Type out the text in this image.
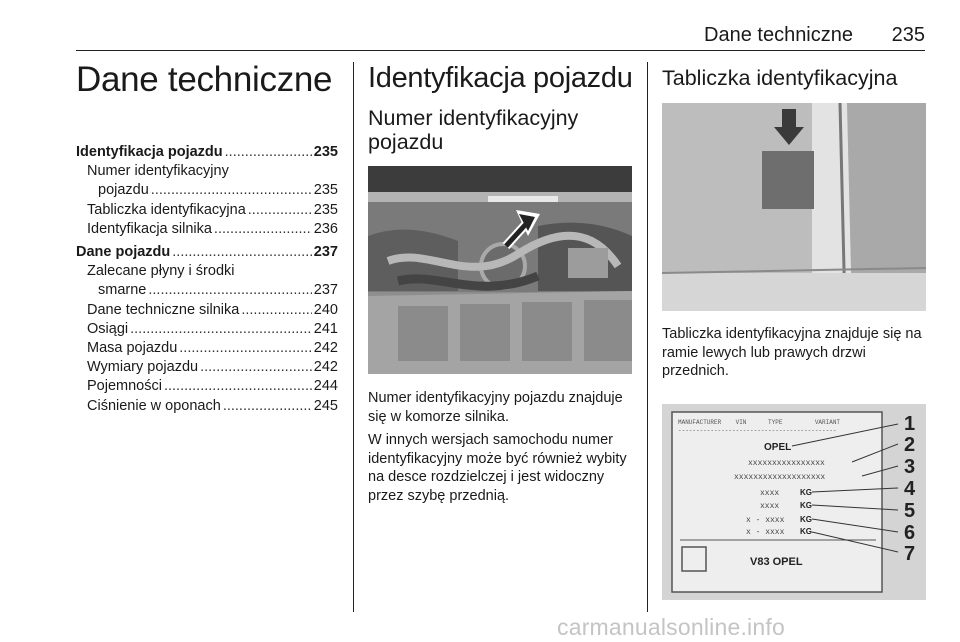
Dane techniczne 235
Dane techniczne
Identyfikacja pojazdu .....	235
Numer identyfikacyjny
pojazdu .....	235
Tabliczka identyfikacyjna .....	235
Identyfikacja silnika .....	236
Dane pojazdu .....	237
Zalecane płyny i środki
smarne .....	237
Dane techniczne silnika .....	240
Osiągi .....	241
Masa pojazdu .....	242
Wymiary pojazdu .....	242
Pojemności .....	244
Ciśnienie w oponach .....	245
Identyfikacja pojazdu
Numer identyfikacyjny pojazdu

Numer identyfikacyjny pojazdu znajduje się w komorze silnika.

W innych wersjach samochodu numer identyfikacyjny może być również wybity na desce rozdzielczej i jest widoczny przez szybę przednią.

Tabliczka identyfikacyjna

Tabliczka identyfikacyjna znajduje się na ramie lewych lub prawych drzwi przednich.

MANUFACTURER    VIN      TYPE         VARIANT
--------------------------------------------
OPEL
xxxxxxxxxxxxxxxx
xxxxxxxxxxxxxxxxxxx
xxxx	KG
xxxx	KG
x - xxxx KG
x - xxxx KG
V83 OPEL
1
2
3
4
5
6
7
carmanualsonline.info
